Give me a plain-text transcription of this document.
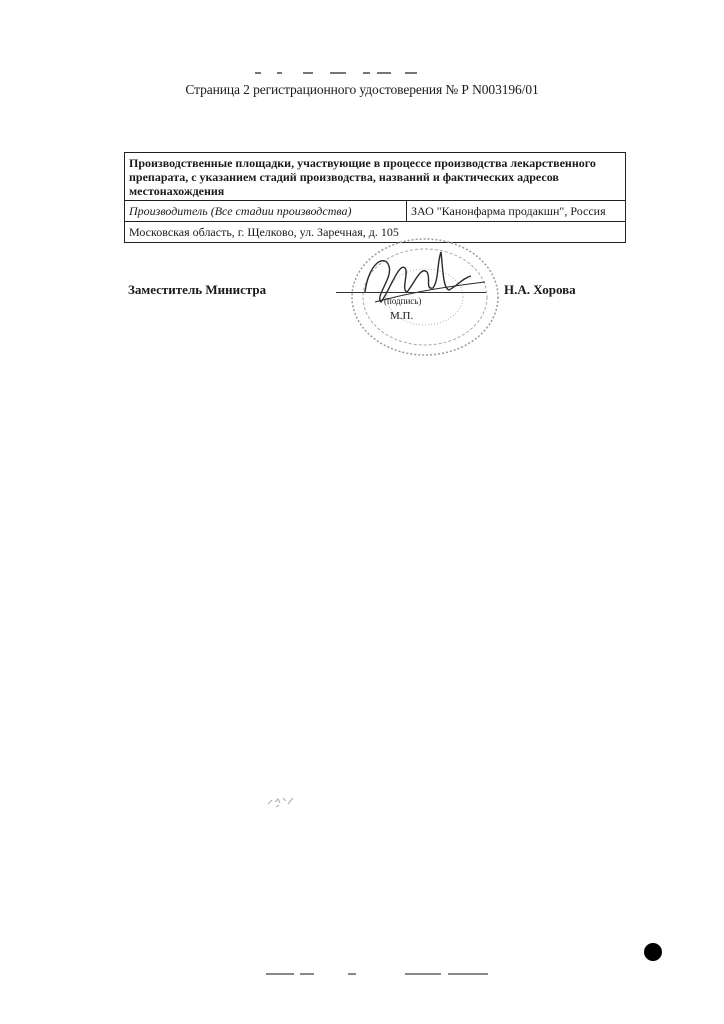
Страница 2 регистрационного удостоверения № Р N003196/01
Производственные площадки, участвующие в процессе производства лекарственного препарата, с указанием стадий производства, названий и фактических адресов местонахождения
Производитель (Все стадии производства)	ЗАО "Канонфарма продакшн", Россия
Московская область, г. Щелково, ул. Заречная, д. 105
Заместитель Министра
(подпись)
М.П.
Н.А. Хорова
